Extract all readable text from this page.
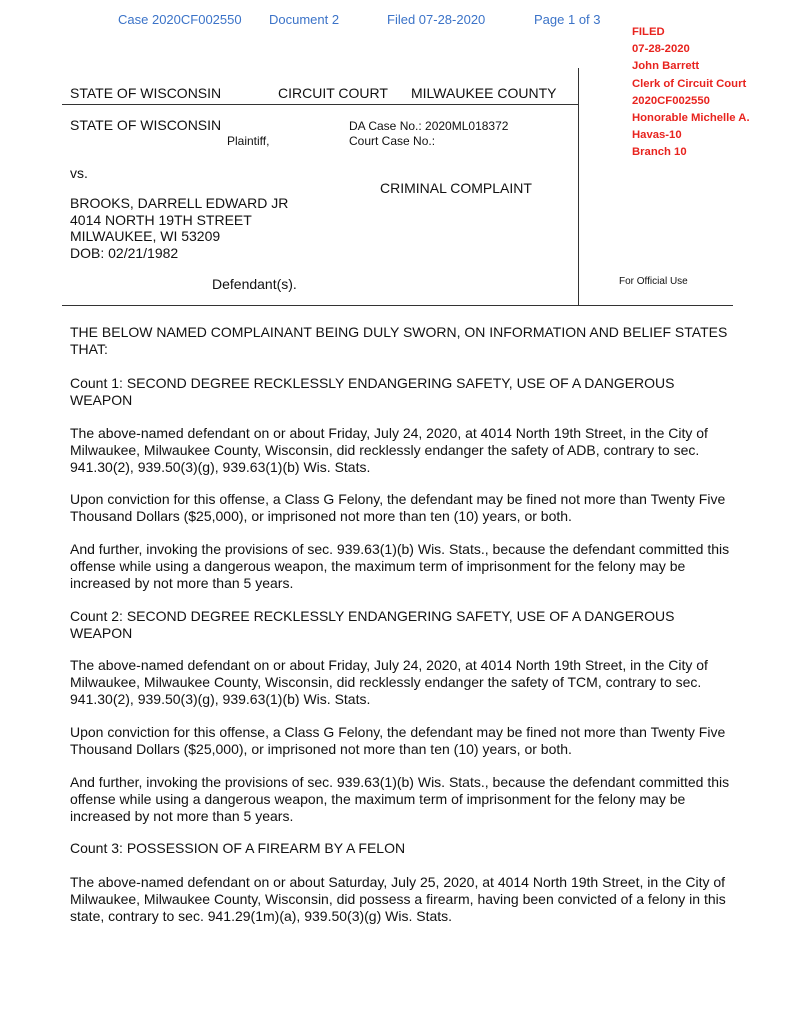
Case 2020CF002550 Document 2	Filed 07-28-2020	Page 1 of 3
FILED
07-28-2020
John Barrett
Clerk of Circuit Court
2020CF002550
Honorable Michelle A.
Havas-10
Branch 10
STATE OF WISCONSIN	CIRCUIT COURT MILWAUKEE COUNTY
STATE OF WISCONSIN
Plaintiff,
DA Case No.: 2020ML018372
Court Case No.:
vs.
CRIMINAL COMPLAINT
BROOKS, DARRELL EDWARD JR
4014 NORTH 19TH STREET
MILWAUKEE, WI 53209
DOB: 02/21/1982
Defendant(s).	For Official Use
THE BELOW NAMED COMPLAINANT BEING DULY SWORN, ON INFORMATION AND BELIEF STATES THAT:
Count 1: SECOND DEGREE RECKLESSLY ENDANGERING SAFETY, USE OF A DANGEROUS WEAPON
The above-named defendant on or about Friday, July 24, 2020, at 4014 North 19th Street, in the City of Milwaukee, Milwaukee County, Wisconsin, did recklessly endanger the safety of ADB, contrary to sec. 941.30(2), 939.50(3)(g), 939.63(1)(b) Wis. Stats.
Upon conviction for this offense, a Class G Felony, the defendant may be fined not more than Twenty Five Thousand Dollars ($25,000), or imprisoned not more than ten (10) years, or both.
And further, invoking the provisions of sec. 939.63(1)(b) Wis. Stats., because the defendant committed this offense while using a dangerous weapon, the maximum term of imprisonment for the felony may be increased by not more than 5 years.
Count 2: SECOND DEGREE RECKLESSLY ENDANGERING SAFETY, USE OF A DANGEROUS WEAPON
The above-named defendant on or about Friday, July 24, 2020, at 4014 North 19th Street, in the City of Milwaukee, Milwaukee County, Wisconsin, did recklessly endanger the safety of TCM, contrary to sec. 941.30(2), 939.50(3)(g), 939.63(1)(b) Wis. Stats.
Upon conviction for this offense, a Class G Felony, the defendant may be fined not more than Twenty Five Thousand Dollars ($25,000), or imprisoned not more than ten (10) years, or both.
And further, invoking the provisions of sec. 939.63(1)(b) Wis. Stats., because the defendant committed this offense while using a dangerous weapon, the maximum term of imprisonment for the felony may be increased by not more than 5 years.
Count 3: POSSESSION OF A FIREARM BY A FELON
The above-named defendant on or about Saturday, July 25, 2020, at 4014 North 19th Street, in the City of Milwaukee, Milwaukee County, Wisconsin, did possess a firearm, having been convicted of a felony in this state, contrary to sec. 941.29(1m)(a), 939.50(3)(g) Wis. Stats.
